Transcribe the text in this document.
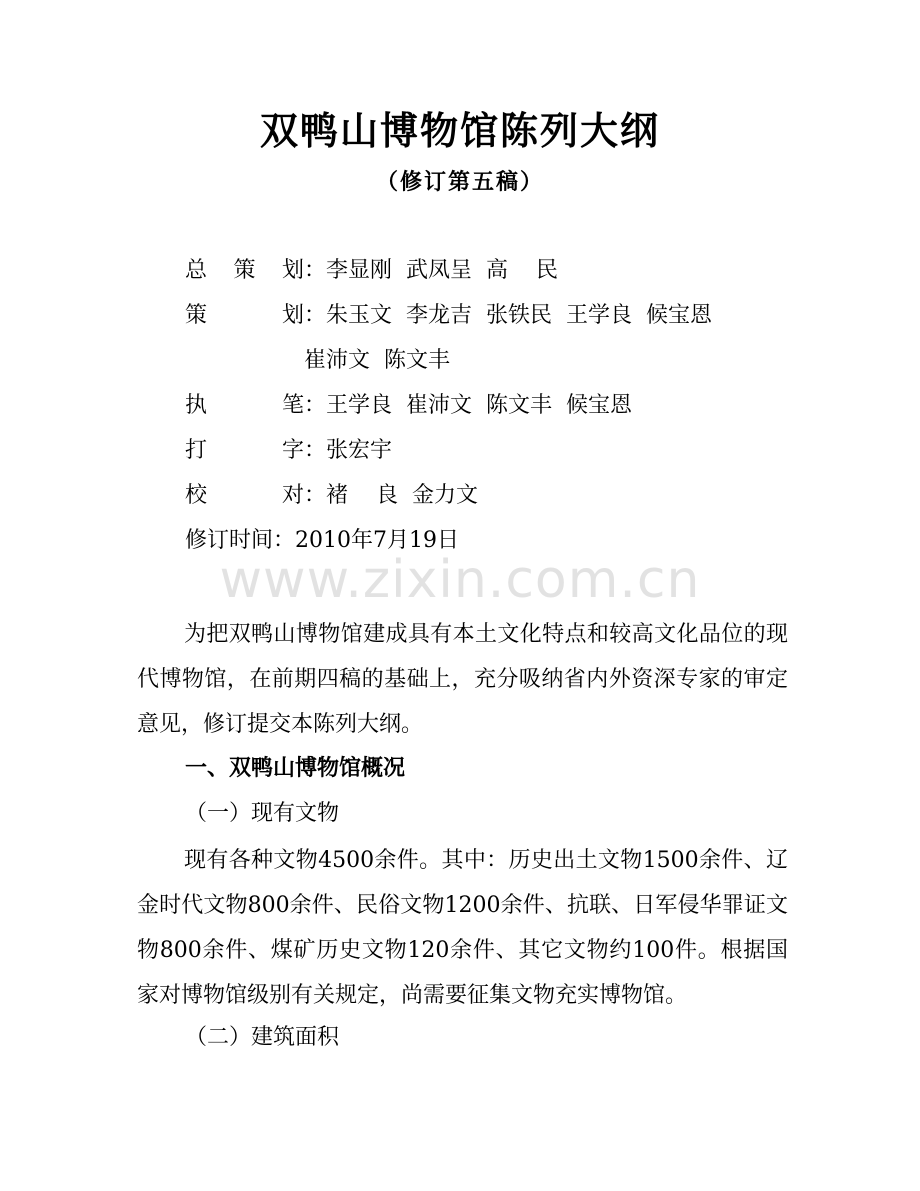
双鸭山博物馆陈列大纲
（修订第五稿）
总 策 划：李显刚  武凤呈  高    民
策 划：朱玉文  李龙吉  张铁民  王学良  候宝恩
崔沛文  陈文丰
执 笔：王学良  崔沛文  陈文丰  候宝恩
打 字：张宏宇
校 对：褚    良  金力文
修订时间：2010年7月19日
www.zixin.com.cn
为把双鸭山博物馆建成具有本土文化特点和较高文化品位的现代博物馆，在前期四稿的基础上，充分吸纳省内外资深专家的审定意见，修订提交本陈列大纲。
一、双鸭山博物馆概况
（一）现有文物
现有各种文物4500余件。其中：历史出土文物1500余件、辽金时代文物800余件、民俗文物1200余件、抗联、日军侵华罪证文物800余件、煤矿历史文物120余件、其它文物约100件。根据国家对博物馆级别有关规定，尚需要征集文物充实博物馆。
（二）建筑面积
